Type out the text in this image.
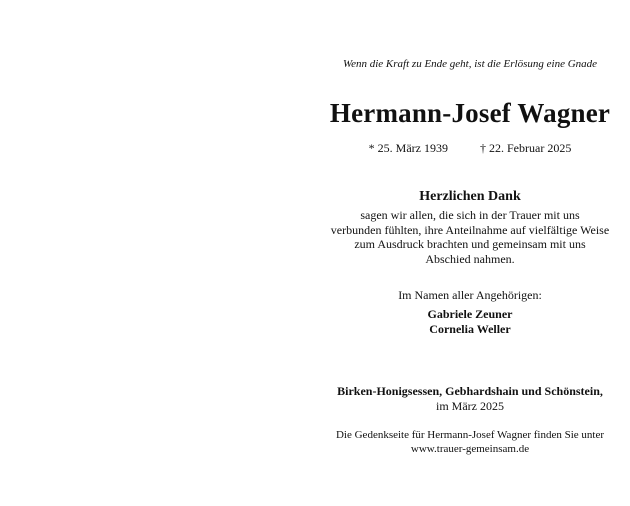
Wenn die Kraft zu Ende geht, ist die Erlösung eine Gnade
Hermann-Josef Wagner
* 25. März 1939	† 22. Februar 2025
Herzlichen Dank
sagen wir allen, die sich in der Trauer mit uns
verbunden fühlten, ihre Anteilnahme auf vielfältige Weise
zum Ausdruck brachten und gemeinsam mit uns
Abschied nahmen.
Im Namen aller Angehörigen:
Gabriele Zeuner
Cornelia Weller
Birken-Honigsessen, Gebhardshain und Schönstein,
im März 2025
Die Gedenkseite für Hermann-Josef Wagner finden Sie unter
www.trauer-gemeinsam.de
